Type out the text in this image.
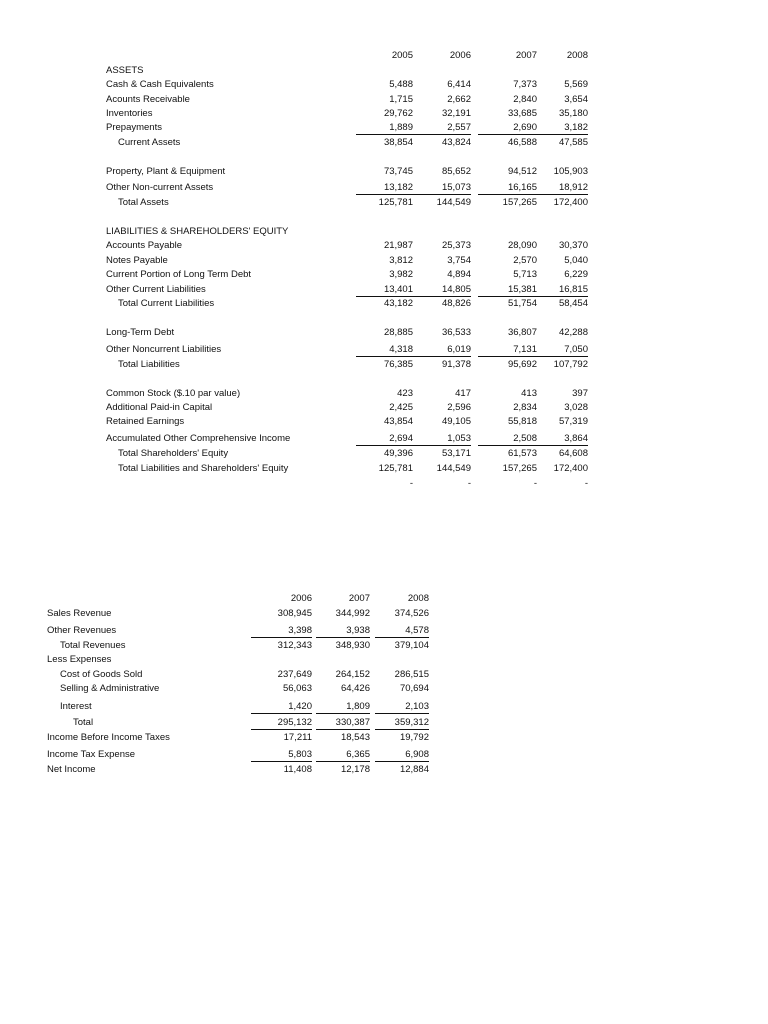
2005	2006	2007	2008
ASSETS
Cash & Cash Equivalents	5,488	6,414	7,373	5,569
Acounts Receivable	1,715	2,662	2,840	3,654
Inventories	29,762	32,191	33,685	35,180
Prepayments	1,889	2,557	2,690	3,182
Current Assets	38,854	43,824	46,588	47,585
Property, Plant & Equipment	73,745	85,652	94,512	105,903
Other Non-current Assets	13,182	15,073	16,165	18,912
Total Assets	125,781	144,549	157,265	172,400
LIABILITIES & SHAREHOLDERS' EQUITY
Accounts Payable	21,987	25,373	28,090	30,370
Notes Payable	3,812	3,754	2,570	5,040
Current Portion of Long Term Debt	3,982	4,894	5,713	6,229
Other Current Liabilities	13,401	14,805	15,381	16,815
Total Current Liabilities	43,182	48,826	51,754	58,454
Long-Term Debt	28,885	36,533	36,807	42,288
Other Noncurrent Liabilities	4,318	6,019	7,131	7,050
Total Liabilities	76,385	91,378	95,692	107,792
Common Stock ($.10 par value)	423	417	413	397
Additional Paid-in Capital	2,425	2,596	2,834	3,028
Retained Earnings	43,854	49,105	55,818	57,319
Accumulated Other Comprehensive Income	2,694	1,053	2,508	3,864
Total Shareholders' Equity	49,396	53,171	61,573	64,608
Total Liabilities and Shareholders' Equity	125,781	144,549	157,265	172,400
-	-	-	-
2006	2007	2008
Sales Revenue	308,945	344,992	374,526
Other Revenues	3,398	3,938	4,578
Total Revenues	312,343	348,930	379,104
Less Expenses
Cost of Goods Sold	237,649	264,152	286,515
Selling & Administrative	56,063	64,426	70,694
Interest	1,420	1,809	2,103
Total	295,132	330,387	359,312
Income Before Income Taxes	17,211	18,543	19,792
Income Tax Expense	5,803	6,365	6,908
Net Income	11,408	12,178	12,884
